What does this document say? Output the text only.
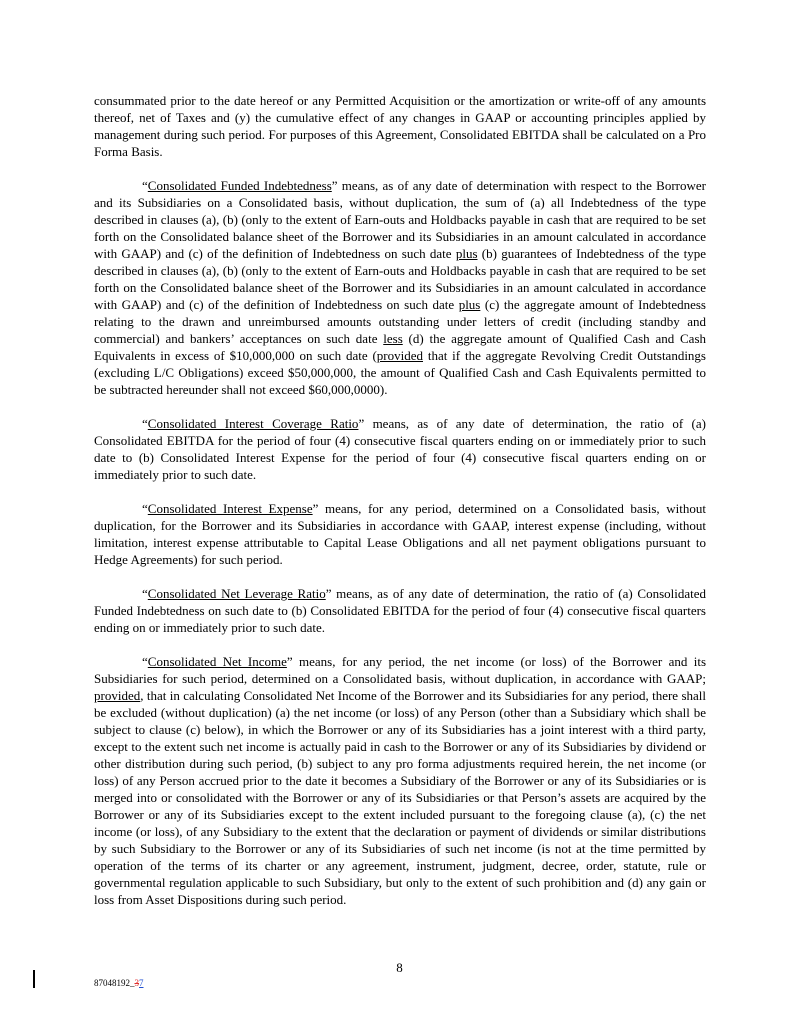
consummated prior to the date hereof or any Permitted Acquisition or the amortization or write-off of any amounts thereof, net of Taxes and (y) the cumulative effect of any changes in GAAP or accounting principles applied by management during such period. For purposes of this Agreement, Consolidated EBITDA shall be calculated on a Pro Forma Basis.

“Consolidated Funded Indebtedness” means, as of any date of determination with respect to the Borrower and its Subsidiaries on a Consolidated basis, without duplication, the sum of (a) all Indebtedness of the type described in clauses (a), (b) (only to the extent of Earn-outs and Holdbacks payable in cash that are required to be set forth on the Consolidated balance sheet of the Borrower and its Subsidiaries in an amount calculated in accordance with GAAP) and (c) of the definition of Indebtedness on such date plus (b) guarantees of Indebtedness of the type described in clauses (a), (b) (only to the extent of Earn-outs and Holdbacks payable in cash that are required to be set forth on the Consolidated balance sheet of the Borrower and its Subsidiaries in an amount calculated in accordance with GAAP) and (c) of the definition of Indebtedness on such date plus (c) the aggregate amount of Indebtedness relating to the drawn and unreimbursed amounts outstanding under letters of credit (including standby and commercial) and bankers’ acceptances on such date less (d) the aggregate amount of Qualified Cash and Cash Equivalents in excess of $10,000,000 on such date (provided that if the aggregate Revolving Credit Outstandings (excluding L/C Obligations) exceed $50,000,000, the amount of Qualified Cash and Cash Equivalents permitted to be subtracted hereunder shall not exceed $60,000,0000).

“Consolidated Interest Coverage Ratio” means, as of any date of determination, the ratio of (a) Consolidated EBITDA for the period of four (4) consecutive fiscal quarters ending on or immediately prior to such date to (b) Consolidated Interest Expense for the period of four (4) consecutive fiscal quarters ending on or immediately prior to such date.

“Consolidated Interest Expense” means, for any period, determined on a Consolidated basis, without duplication, for the Borrower and its Subsidiaries in accordance with GAAP, interest expense (including, without limitation, interest expense attributable to Capital Lease Obligations and all net payment obligations pursuant to Hedge Agreements) for such period.

“Consolidated Net Leverage Ratio” means, as of any date of determination, the ratio of (a) Consolidated Funded Indebtedness on such date to (b) Consolidated EBITDA for the period of four (4) consecutive fiscal quarters ending on or immediately prior to such date.

“Consolidated Net Income” means, for any period, the net income (or loss) of the Borrower and its Subsidiaries for such period, determined on a Consolidated basis, without duplication, in accordance with GAAP; provided, that in calculating Consolidated Net Income of the Borrower and its Subsidiaries for any period, there shall be excluded (without duplication) (a) the net income (or loss) of any Person (other than a Subsidiary which shall be subject to clause (c) below), in which the Borrower or any of its Subsidiaries has a joint interest with a third party, except to the extent such net income is actually paid in cash to the Borrower or any of its Subsidiaries by dividend or other distribution during such period, (b) subject to any pro forma adjustments required herein, the net income (or loss) of any Person accrued prior to the date it becomes a Subsidiary of the Borrower or any of its Subsidiaries or is merged into or consolidated with the Borrower or any of its Subsidiaries or that Person’s assets are acquired by the Borrower or any of its Subsidiaries except to the extent included pursuant to the foregoing clause (a), (c) the net income (or loss), of any Subsidiary to the extent that the declaration or payment of dividends or similar distributions by such Subsidiary to the Borrower or any of its Subsidiaries of such net income (is not at the time permitted by operation of the terms of its charter or any agreement, instrument, judgment, decree, order, statute, rule or governmental regulation applicable to such Subsidiary, but only to the extent of such prohibition and (d) any gain or loss from Asset Dispositions during such period.

8
87048192_37
